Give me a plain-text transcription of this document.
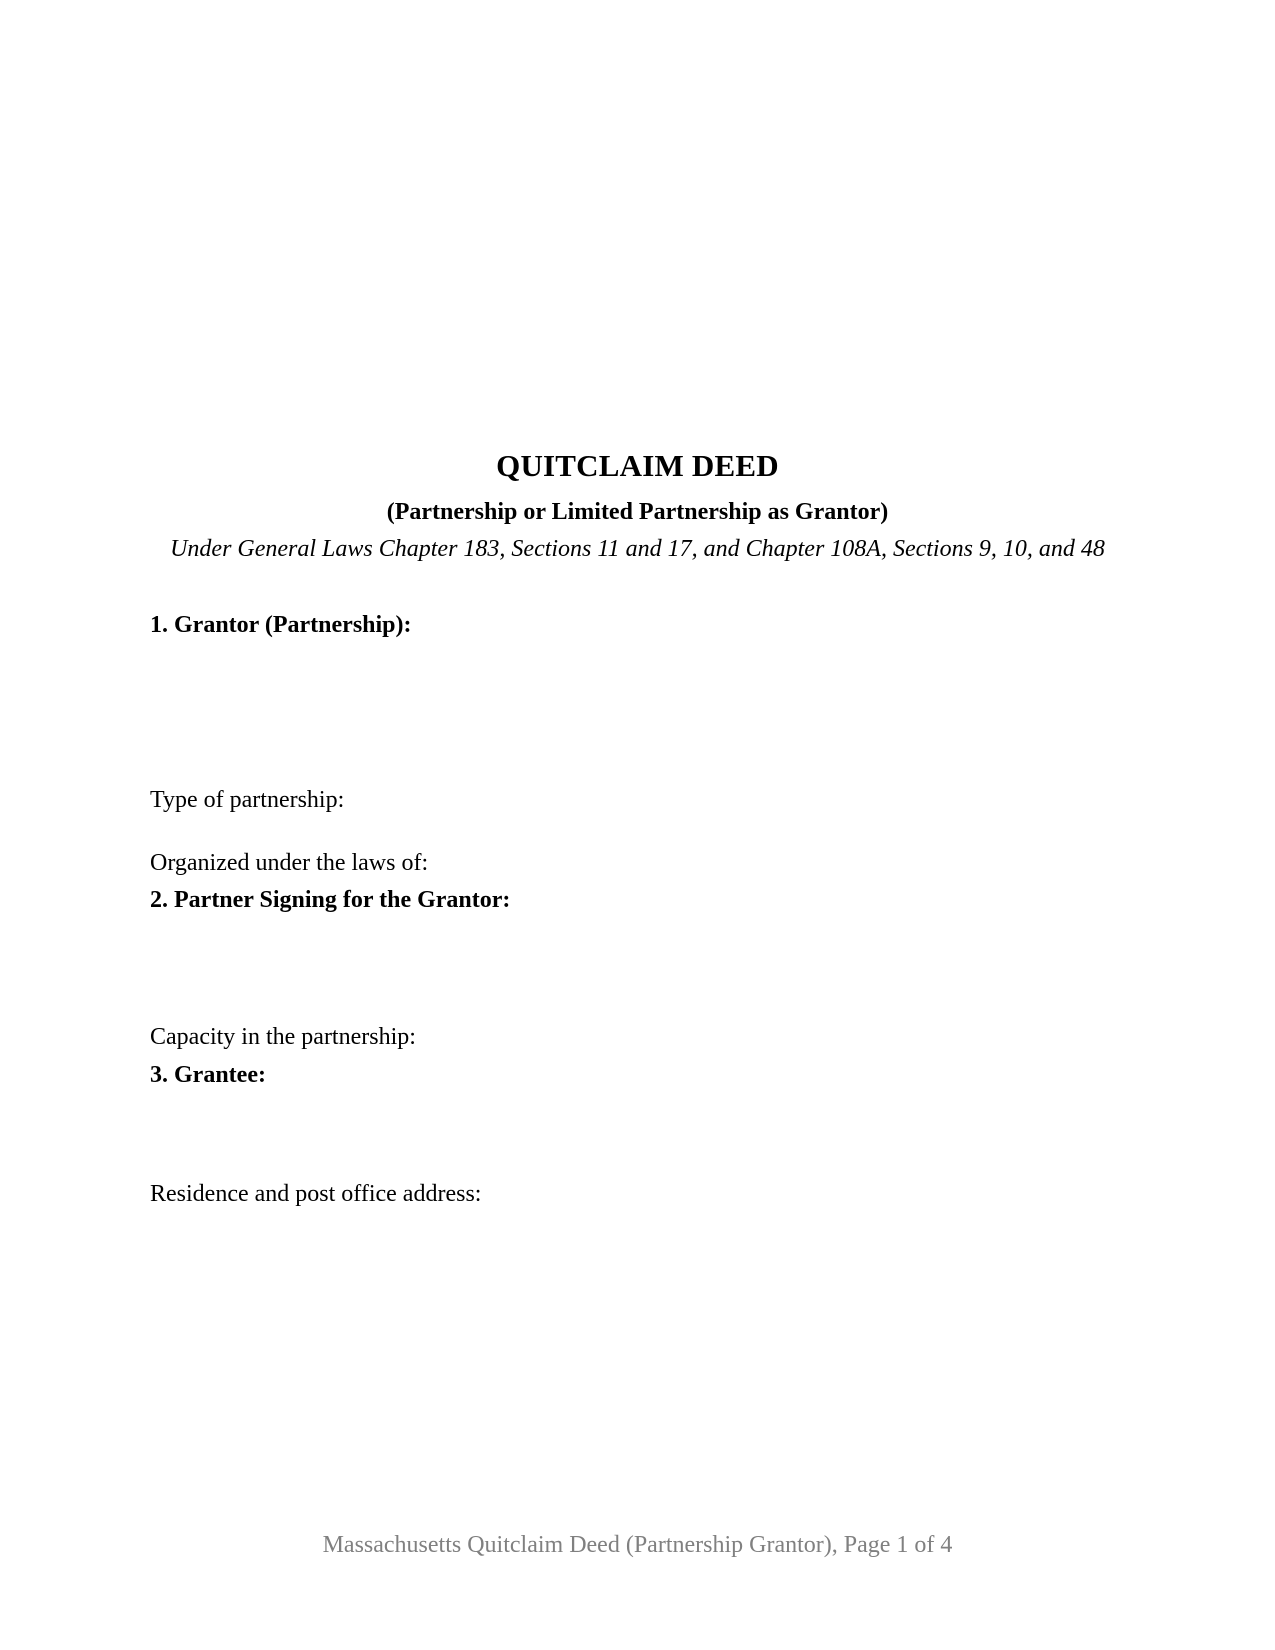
QUITCLAIM DEED
(Partnership or Limited Partnership as Grantor)
Under General Laws Chapter 183, Sections 11 and 17, and Chapter 108A, Sections 9, 10, and 48
1. Grantor (Partnership):
Type of partnership:
Organized under the laws of:
2. Partner Signing for the Grantor:
Capacity in the partnership:
3. Grantee:
Residence and post office address:
Massachusetts Quitclaim Deed (Partnership Grantor), Page 1 of 4
